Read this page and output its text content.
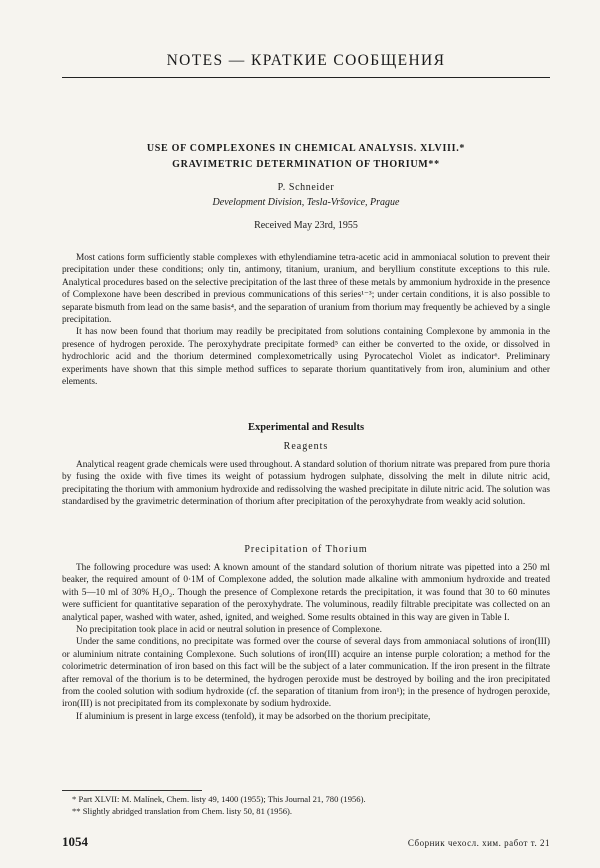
NOTES — КРАТКИЕ СООБЩЕНИЯ
USE OF COMPLEXONES IN CHEMICAL ANALYSIS. XLVIII.*
GRAVIMETRIC DETERMINATION OF THORIUM**
P. Schneider
Development Division, Tesla-Vršovice, Prague
Received May 23rd, 1955

Most cations form sufficiently stable complexes with ethylendiamine tetra-acetic acid in ammoniacal solution to prevent their precipitation under these conditions; only tin, antimony, titanium, uranium, and beryllium constitute exceptions to this rule. Analytical procedures based on the selective precipitation of the last three of these metals by ammonium hydroxide in the presence of Complexone have been described in previous communications of this series¹⁻³; under certain conditions, it is also possible to separate bismuth from lead on the same basis⁴, and the separation of uranium from thorium may frequently be achieved by a single precipitation.

It has now been found that thorium may readily be precipitated from solutions containing Complexone by ammonia in the presence of hydrogen peroxide. The peroxyhydrate precipitate formed⁵ can either be converted to the oxide, or dissolved in hydrochloric acid and the thorium determined complexometrically using Pyrocatechol Violet as indicator⁶. Preliminary experiments have shown that this simple method suffices to separate thorium quantitatively from iron, aluminium and other elements.

Experimental and Results
Reagents

Analytical reagent grade chemicals were used throughout. A standard solution of thorium nitrate was prepared from pure thoria by fusing the oxide with five times its weight of potassium hydrogen sulphate, dissolving the melt in dilute nitric acid, precipitating the thorium with ammonium hydroxide and redissolving the washed precipitate in dilute nitric acid. The solution was standardised by the gravimetric determination of thorium after precipitation of the peroxyhydrate from weakly acid solution.

Precipitation of Thorium

The following procedure was used: A known amount of the standard solution of thorium nitrate was pipetted into a 250 ml beaker, the required amount of 0·1M of Complexone added, the solution made alkaline with ammonium hydroxide and treated with 5—10 ml of 30% H₂O₂. Though the presence of Complexone retards the precipitation, it was found that 30 to 60 minutes were sufficient for quantitative separation of the peroxyhydrate. The voluminous, readily filtrable precipitate was collected on an analytical paper, washed with water, ashed, ignited, and weighed. Some results obtained in this way are given in Table I.

No precipitation took place in acid or neutral solution in presence of Complexone.

Under the same conditions, no precipitate was formed over the course of several days from ammoniacal solutions of iron(III) or aluminium nitrate containing Complexone. Such solutions of iron(III) acquire an intense purple coloration; a method for the colorimetric determination of iron based on this fact will be the subject of a later communication. If the iron present in the filtrate after removal of the thorium is to be determined, the hydrogen peroxide must be destroyed by boiling and the iron precipitated from the cooled solution with sodium hydroxide (cf. the separation of titanium from iron¹); in the presence of hydrogen peroxide, iron(III) is not precipitated from its complexonate by sodium hydroxide.

If aluminium is present in large excess (tenfold), it may be adsorbed on the thorium precipitate,

* Part XLVII: M. Malínek, Chem. listy 49, 1400 (1955); This Journal 21, 780 (1956).
** Slightly abridged translation from Chem. listy 50, 81 (1956).
1054	Сборник чехосл. хим. работ т. 21
